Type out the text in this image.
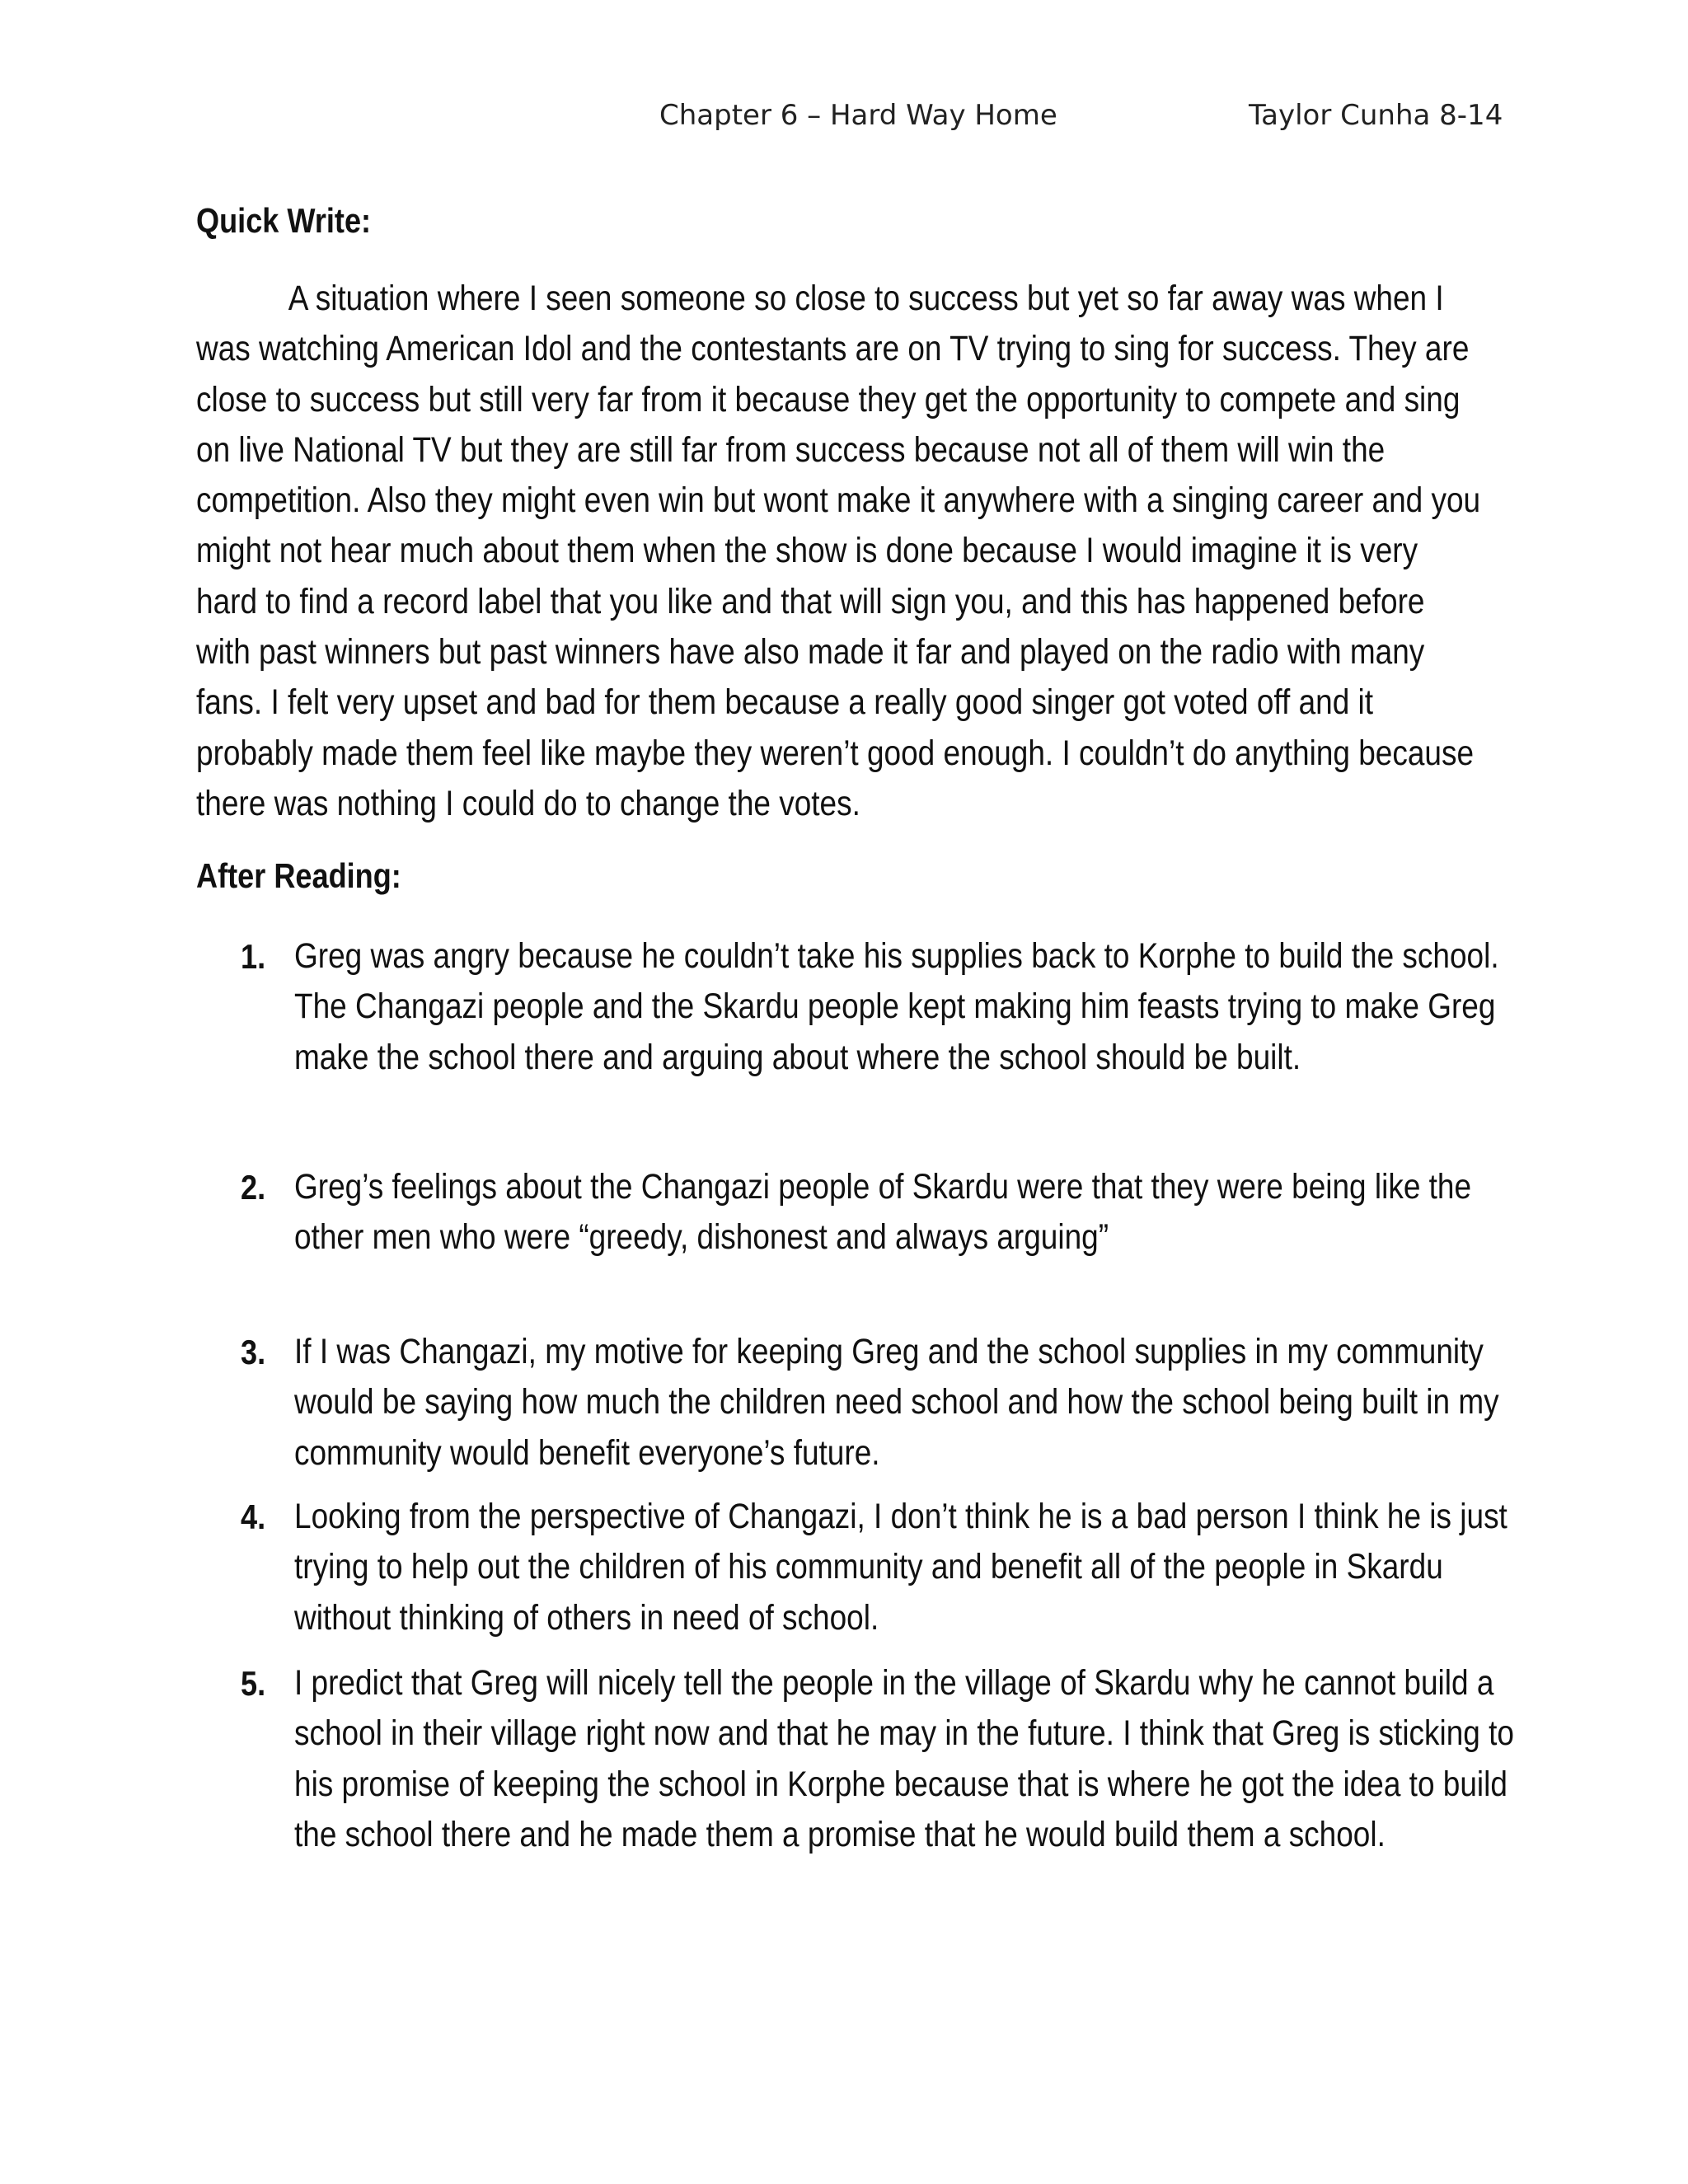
Chapter 6 – Hard Way Home	Taylor Cunha 8-14
Quick Write:

A situation where I seen someone so close to success but yet so far away was when I was watching American Idol and the contestants are on TV trying to sing for success. They are close to success but still very far from it because they get the opportunity to compete and sing on live National TV but they are still far from success because not all of them will win the competition. Also they might even win but wont make it anywhere with a singing career and you might not hear much about them when the show is done because I would imagine it is very hard to find a record label that you like and that will sign you, and this has happened before with past winners but past winners have also made it far and played on the radio with many fans. I felt very upset and bad for them because a really good singer got voted off and it probably made them feel like maybe they weren’t good enough. I couldn’t do anything because there was nothing I could do to change the votes.

After Reading:
1. Greg was angry because he couldn’t take his supplies back to Korphe to build the school. The Changazi people and the Skardu people kept making him feasts trying to make Greg make the school there and arguing about where the school should be built.

2. Greg’s feelings about the Changazi people of Skardu were that they were being like the other men who were “greedy, dishonest and always arguing”

3. If I was Changazi, my motive for keeping Greg and the school supplies in my community would be saying how much the children need school and how the school being built in my community would benefit everyone’s future.

4. Looking from the perspective of Changazi, I don’t think he is a bad person I think he is just trying to help out the children of his community and benefit all of the people in Skardu without thinking of others in need of school.

5. I predict that Greg will nicely tell the people in the village of Skardu why he cannot build a school in their village right now and that he may in the future. I think that Greg is sticking to his promise of keeping the school in Korphe because that is where he got the idea to build the school there and he made them a promise that he would build them a school.
